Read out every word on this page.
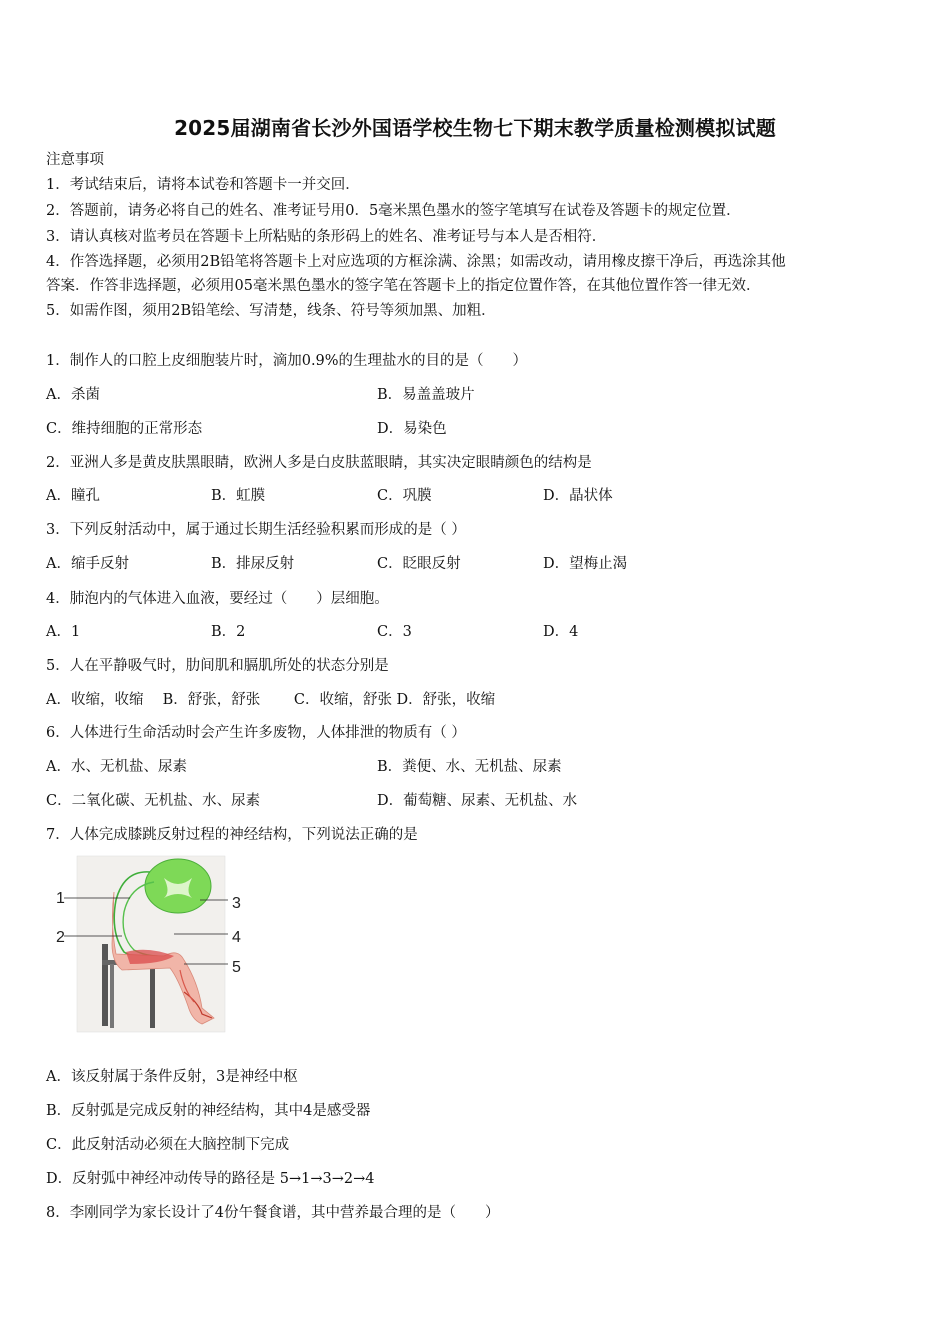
2025届湖南省长沙外国语学校生物七下期末教学质量检测模拟试题
注意事项
1．考试结束后，请将本试卷和答题卡一并交回．
2．答题前，请务必将自己的姓名、准考证号用0．5毫米黑色墨水的签字笔填写在试卷及答题卡的规定位置．
3．请认真核对监考员在答题卡上所粘贴的条形码上的姓名、准考证号与本人是否相符．
4．作答选择题，必须用2B铅笔将答题卡上对应选项的方框涂满、涂黑；如需改动，请用橡皮擦干净后，再选涂其他
答案．作答非选择题，必须用05毫米黑色墨水的签字笔在答题卡上的指定位置作答，在其他位置作答一律无效．
5．如需作图，须用2B铅笔绘、写清楚，线条、符号等须加黑、加粗．
1．制作人的口腔上皮细胞装片时，滴加0.9%的生理盐水的目的是（　　）
A．杀菌	B．易盖盖玻片
C．维持细胞的正常形态	D．易染色
2．亚洲人多是黄皮肤黑眼睛，欧洲人多是白皮肤蓝眼睛，其实决定眼睛颜色的结构是
A．瞳孔	B．虹膜	C．巩膜	D．晶状体
3．下列反射活动中，属于通过长期生活经验积累而形成的是（ ）
A．缩手反射	B．排尿反射	C．眨眼反射	D．望梅止渴
4．肺泡内的气体进入血液，要经过（　　）层细胞。
A．1	B．2	C．3	D．4
5．人在平静吸气时，肋间肌和膈肌所处的状态分别是
A．收缩，收缩　 B．舒张，舒张　　 C．收缩，舒张 D．舒张，收缩
6．人体进行生命活动时会产生许多废物，人体排泄的物质有（ ）
A．水、无机盐、尿素	B．粪便、水、无机盐、尿素
C．二氧化碳、无机盐、水、尿素	D．葡萄糖、尿素、无机盐、水
7．人体完成膝跳反射过程的神经结构，下列说法正确的是
1
2
3
4
5
A．该反射属于条件反射，3是神经中枢
B．反射弧是完成反射的神经结构，其中4是感受器
C．此反射活动必须在大脑控制下完成
D．反射弧中神经冲动传导的路径是 5→1→3→2→4
8．李刚同学为家长设计了4份午餐食谱，其中营养最合理的是（　　）
